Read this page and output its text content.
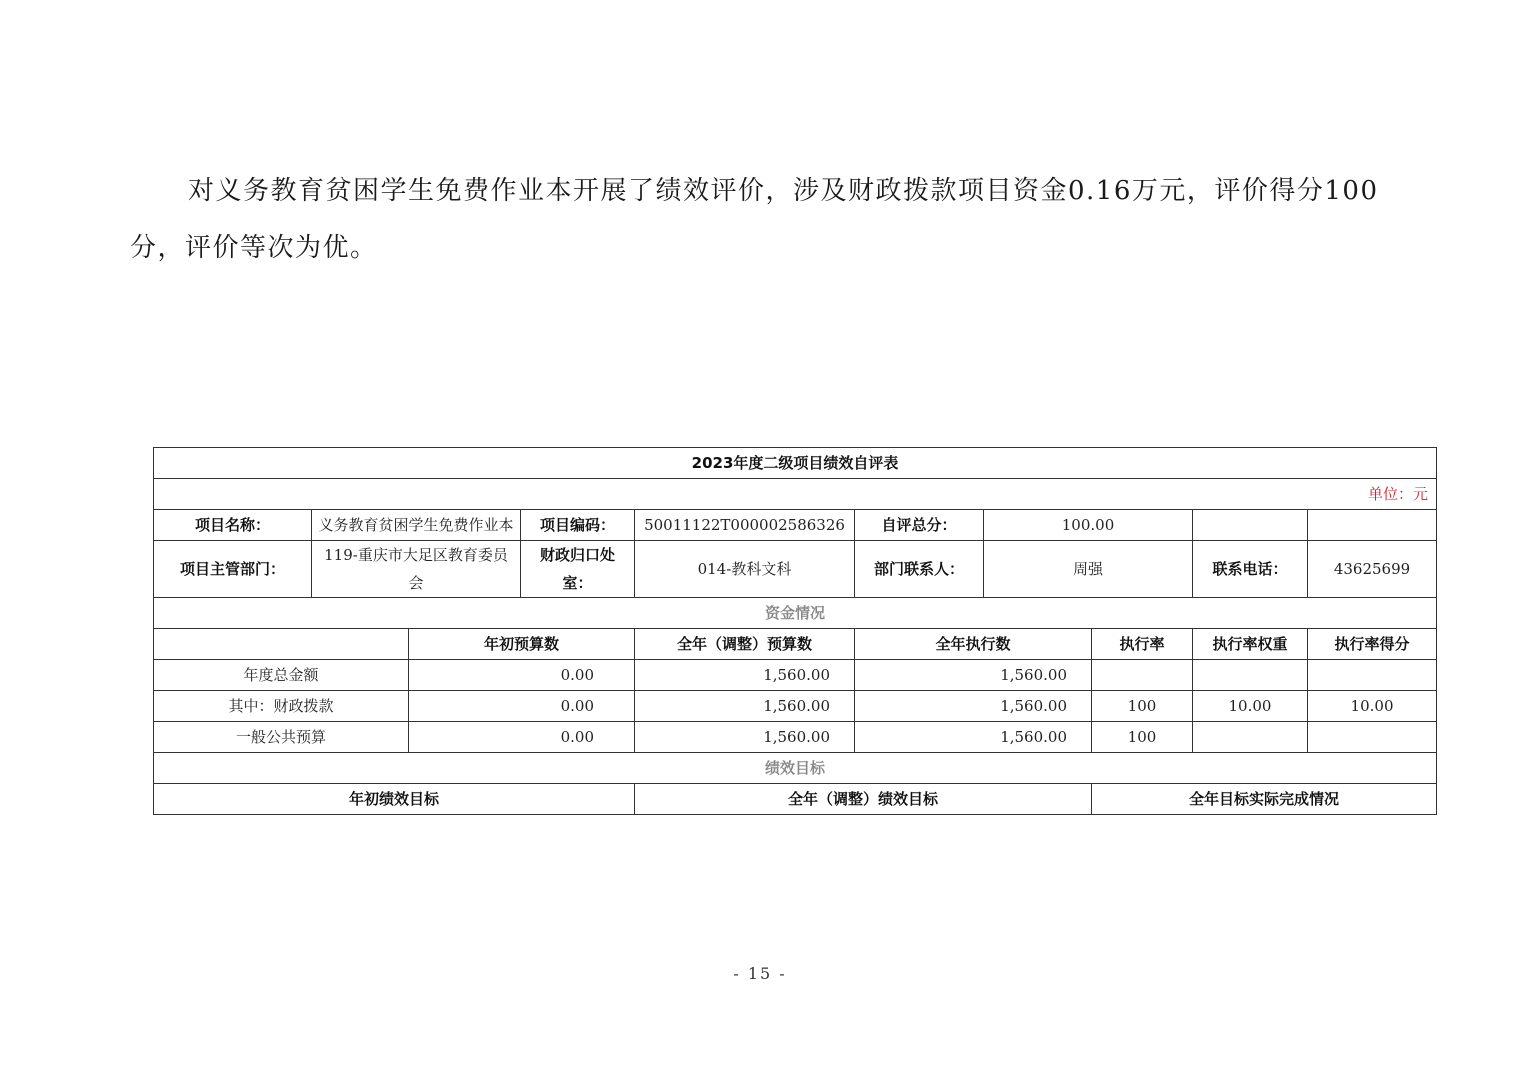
对义务教育贫困学生免费作业本开展了绩效评价，涉及财政拨款项目资金0.16万元，评价得分100分，评价等次为优。

2023年度二级项目绩效自评表									
单位：元									
项目名称：	义务教育贫困学生免费作业本		项目编码：	50011122T000002586326	自评总分：	100.00			
项目主管部门：	119-重庆市大足区教育委员会		财政归口处室：	014-教科文科	部门联系人：	周强		联系电话：	43625699
资金情况									
		年初预算数		全年（调整）预算数	全年执行数		执行率	执行率权重	执行率得分
年度总金额		0.00		1,560.00	1,560.00				
其中：财政拨款		0.00		1,560.00	1,560.00		100	10.00	10.00
一般公共预算		0.00		1,560.00	1,560.00		100		
绩效目标									
年初绩效目标				全年（调整）绩效目标			全年目标实际完成情况		
- 15 -
